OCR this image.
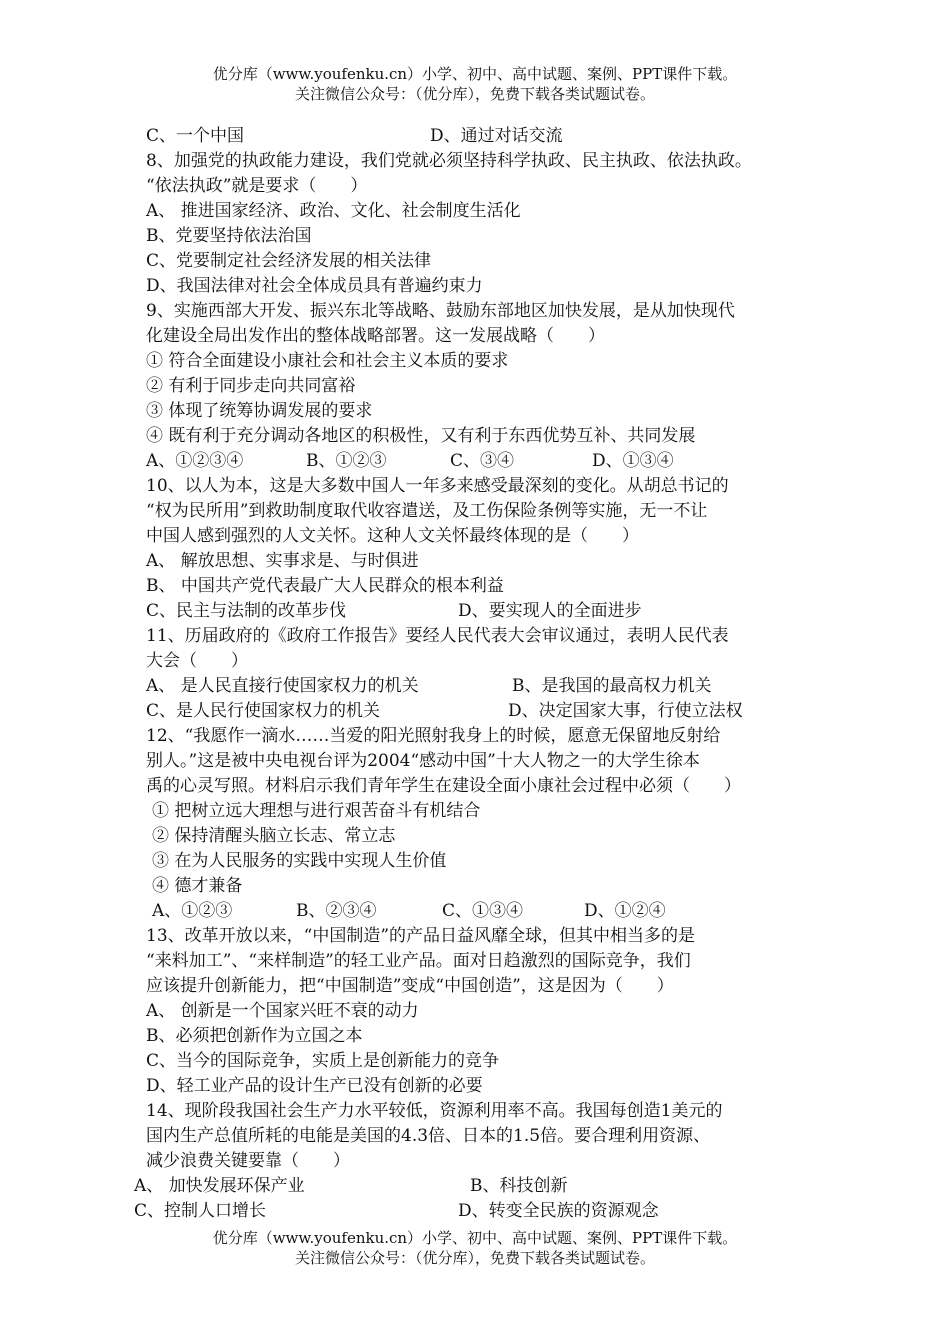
优分库（www.youfenku.cn）小学、初中、高中试题、案例、PPT课件下载。
关注微信公众号：（优分库），免费下载各类试题试卷。
C、一个中国	D、通过对话交流
8、加强党的执政能力建设，我们党就必须坚持科学执政、民主执政、依法执政。
“依法执政”就是要求（　　）
A、 推进国家经济、政治、文化、社会制度生活化
B、党要坚持依法治国
C、党要制定社会经济发展的相关法律
D、我国法律对社会全体成员具有普遍约束力
9、实施西部大开发、振兴东北等战略、鼓励东部地区加快发展，是从加快现代
化建设全局出发作出的整体战略部署。这一发展战略（　　）
① 符合全面建设小康社会和社会主义本质的要求
② 有利于同步走向共同富裕
③ 体现了统筹协调发展的要求
④ 既有利于充分调动各地区的积极性，又有利于东西优势互补、共同发展
A、①②③④	B、①②③	C、③④	D、①③④
10、以人为本，这是大多数中国人一年多来感受最深刻的变化。从胡总书记的
“权为民所用”到救助制度取代收容遣送，及工伤保险条例等实施，无一不让
中国人感到强烈的人文关怀。这种人文关怀最终体现的是（　　）
A、 解放思想、实事求是、与时俱进
B、 中国共产党代表最广大人民群众的根本利益
C、民主与法制的改革步伐	D、要实现人的全面进步
11、历届政府的《政府工作报告》要经人民代表大会审议通过，表明人民代表
大会（　　）
A、 是人民直接行使国家权力的机关	B、是我国的最高权力机关
C、是人民行使国家权力的机关	D、决定国家大事，行使立法权
12、“我愿作一滴水……当爱的阳光照射我身上的时候，愿意无保留地反射给
别人。”这是被中央电视台评为2004“感动中国”十大人物之一的大学生徐本
禹的心灵写照。材料启示我们青年学生在建设全面小康社会过程中必须（　　）
① 把树立远大理想与进行艰苦奋斗有机结合
② 保持清醒头脑立长志、常立志
③ 在为人民服务的实践中实现人生价值
④ 德才兼备
A、①②③	B、②③④	C、①③④	D、①②④
13、改革开放以来，“中国制造”的产品日益风靡全球，但其中相当多的是
“来料加工”、“来样制造”的轻工业产品。面对日趋激烈的国际竞争，我们
应该提升创新能力，把“中国制造”变成“中国创造”，这是因为（　　）
A、 创新是一个国家兴旺不衰的动力
B、必须把创新作为立国之本
C、当今的国际竞争，实质上是创新能力的竞争
D、轻工业产品的设计生产已没有创新的必要
14、现阶段我国社会生产力水平较低，资源利用率不高。我国每创造1美元的
国内生产总值所耗的电能是美国的4.3倍、日本的1.5倍。要合理利用资源、
减少浪费关键要靠（　　）
A、 加快发展环保产业	B、科技创新
C、控制人口增长	D、转变全民族的资源观念
优分库（www.youfenku.cn）小学、初中、高中试题、案例、PPT课件下载。
关注微信公众号：（优分库），免费下载各类试题试卷。
